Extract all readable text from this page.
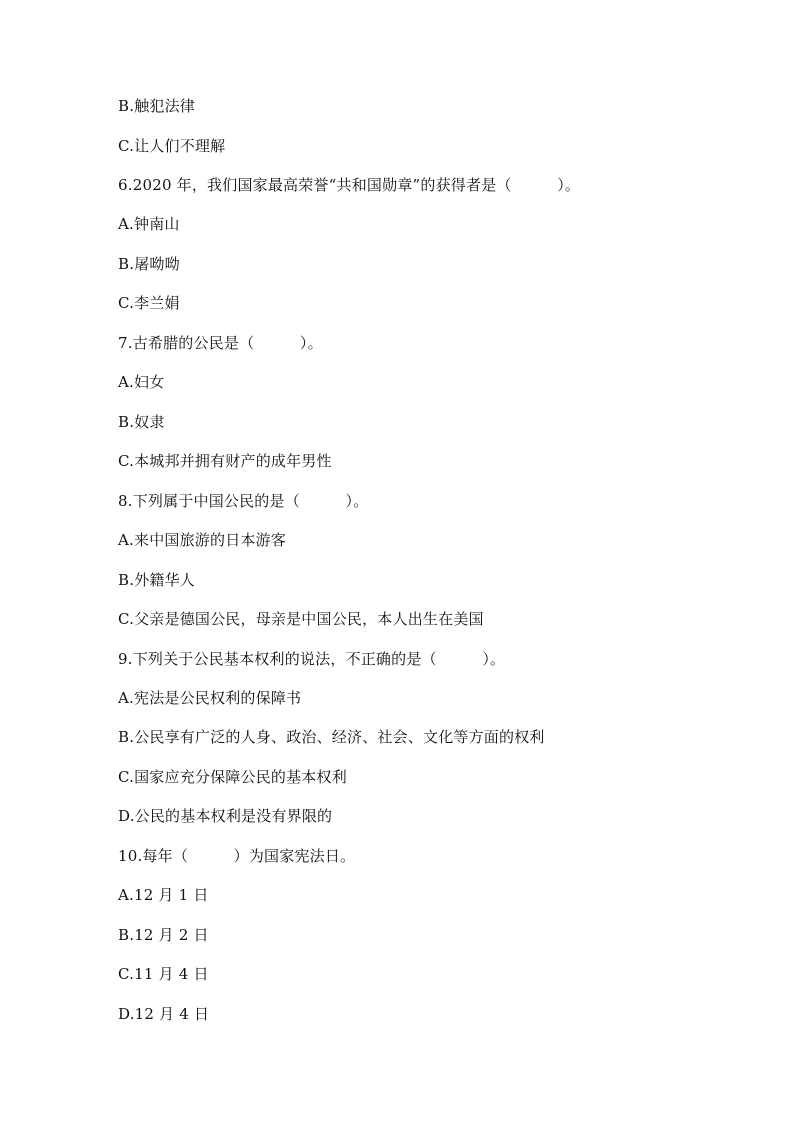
B.触犯法律
C.让人们不理解
6.2020 年，我们国家最高荣誉“共和国勋章”的获得者是（　　　）。
A.钟南山
B.屠呦呦
C.李兰娟
7.古希腊的公民是（　　　）。
A.妇女
B.奴隶
C.本城邦并拥有财产的成年男性
8.下列属于中国公民的是（　　　）。
A.来中国旅游的日本游客
B.外籍华人
C.父亲是德国公民，母亲是中国公民，本人出生在美国
9.下列关于公民基本权利的说法，不正确的是（　　　）。
A.宪法是公民权利的保障书
B.公民享有广泛的人身、政治、经济、社会、文化等方面的权利
C.国家应充分保障公民的基本权利
D.公民的基本权利是没有界限的
10.每年（　　　）为国家宪法日。
A.12 月 1 日
B.12 月 2 日
C.11 月 4 日
D.12 月 4 日
